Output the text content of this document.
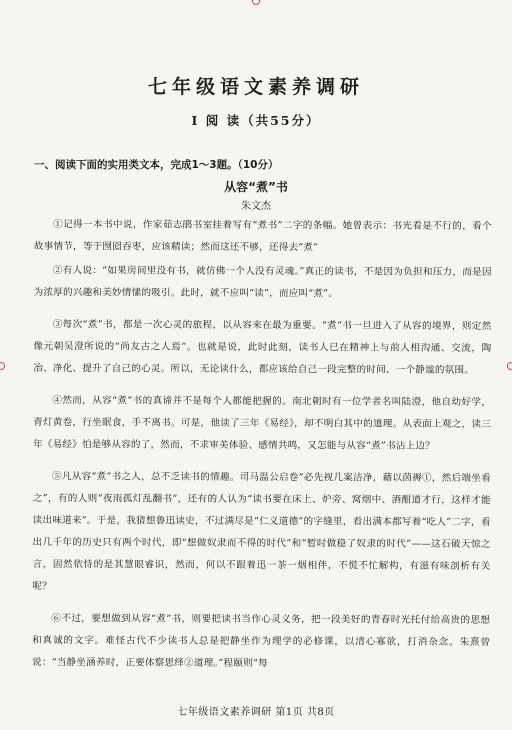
七年级语文素养调研
Ⅰ 阅 读（共55分）
一、阅读下面的实用类文本，完成1～3题。（10分）
从容“煮”书
朱文杰

①记得一本书中说，作家茹志鹃书室挂着写有“煮书”二字的条幅。她曾表示：书光看是不行的，看个故事情节，等于囫囵吞枣，应该精读；然而这还不够，还得去“煮”

②有人说：“如果房间里没有书，就仿佛一个人没有灵魂。”真正的读书，不是因为负担和压力，而是因为浓厚的兴趣和美妙情愫的吸引。此时，就不应叫“读”，而应叫“煮”。

③每次“煮”书，都是一次心灵的旅程，以从容来在最为重要。“煮”书一旦进入了从容的境界，则定然像元朝吴澄所说的“尚友古之人焉”。也就是说，此时此刻，读书人已在精神上与前人相沟通、交流，陶冶、净化、提升了自己的心灵。所以，无论读什么，都应该给自己一段完整的时间、一个静谧的氛围。

④然而，从容“煮”书的真谛并不是每个人都能把握的。南北朝时有一位学者名叫陆澄，他自幼好学，青灯黄卷，行坐眠食，手不离书。可是，他读了三年《易经》，却不明白其中的道理。从表面上观之，读三年《易经》怕是够从容的了，然而，不求审美体验、感情共鸣，又怎能与从容“煮”书沾上边？

⑤凡从容“煮”书之人，总不乏读书的情趣。司马温公启卷“必先视几案洁净，藉以茵褥①，然后端坐看之”，有的人则“夜雨孤灯乱翻书”，还有的人认为“读书要在床上、炉旁、窝烟中、酒酣道才行，这样才能读出味道来”。于是，我猜想鲁迅读史，不过满尽是“仁义道德”的字缝里，看出满本都写着“吃人”二字，看出几千年的历史只有两个时代，即“想做奴隶而不得的时代”和“暂时做稳了奴隶的时代”——这石破天惊之言，固然依恃的是其慧眼睿识，然而，何以不跟着迅一茶一烟相伴，不慌不忙解构，有滋有味剖析有关呢？

⑥不过，要想做到从容“煮”书，则要把读书当作心灵义务，把一段美好的青春时光托付给高贵的思想和真诚的文字。难怪古代不少读书人总是把静坐作为理学的必修课，以清心寡欲，打消杂念。朱熹曾说：“当静坐涵养时，正要体察思绎②道理。”程颐则“每

七年级语文素养调研 第1页 共8页
